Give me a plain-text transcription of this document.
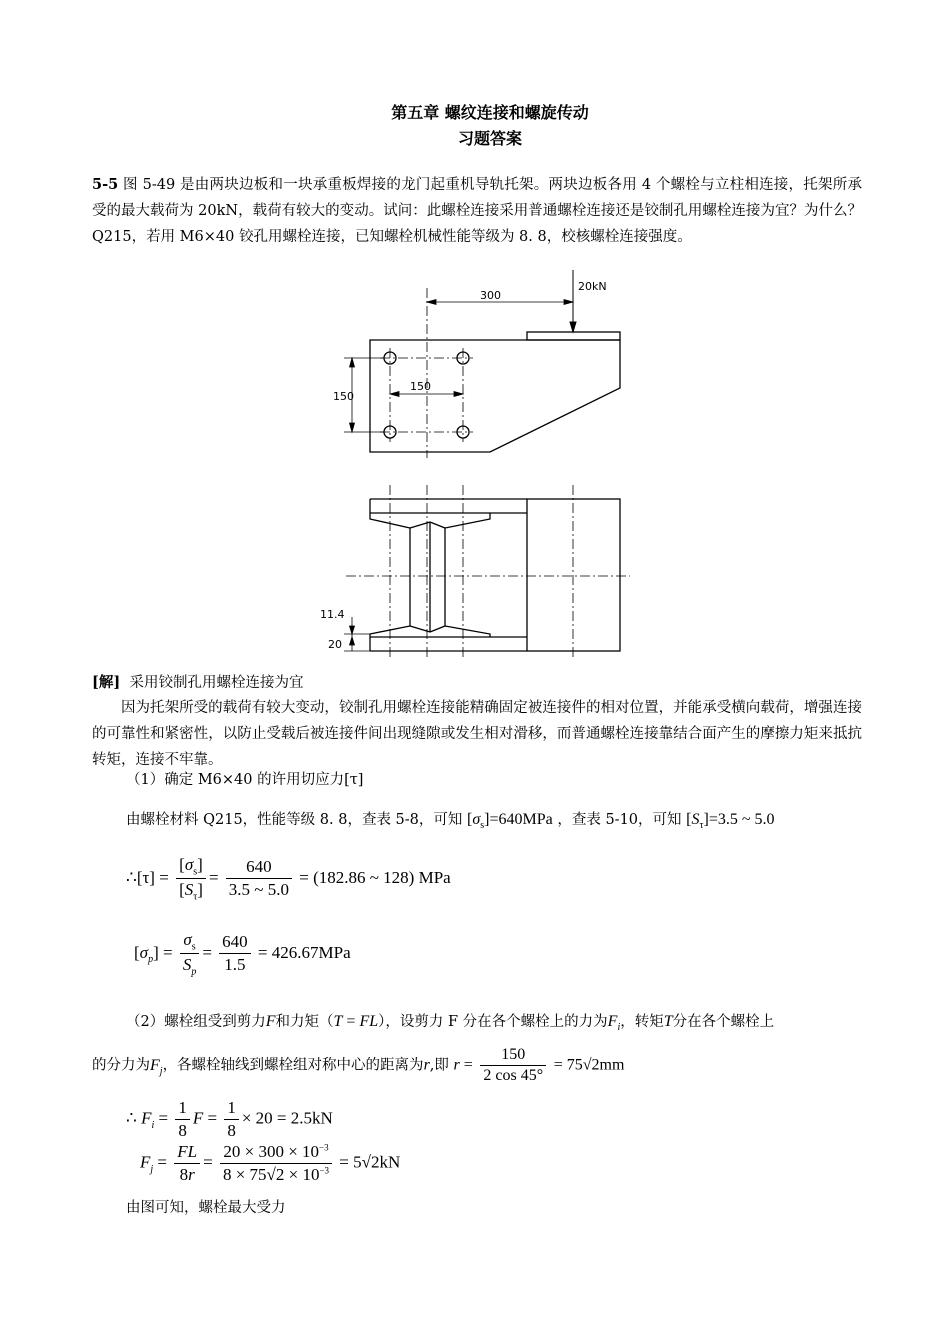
第五章 螺纹连接和螺旋传动
习题答案
5-5 图 5-49 是由两块边板和一块承重板焊接的龙门起重机导轨托架。两块边板各用 4 个螺栓与立柱相连接，托架所承受的最大载荷为 20kN，载荷有较大的变动。试问：此螺栓连接采用普通螺栓连接还是铰制孔用螺栓连接为宜？为什么？Q215，若用 M6×40 铰孔用螺栓连接，已知螺栓机械性能等级为 8. 8，校核螺栓连接强度。
20kN
300
150
150
11.4
20
[解] 采用铰制孔用螺栓连接为宜
因为托架所受的载荷有较大变动，铰制孔用螺栓连接能精确固定被连接件的相对位置，并能承受横向载荷，增强连接的可靠性和紧密性，以防止受载后被连接件间出现缝隙或发生相对滑移，而普通螺栓连接靠结合面产生的摩擦力矩来抵抗转矩，连接不牢靠。
（1）确定 M6×40 的许用切应力[τ]
由螺栓材料 Q215，性能等级 8. 8，查表 5-8，可知 $[\sigma_s]=640MPa$ ，查表 5-10，可知 $[S_\tau]=3.5$ ~ 5.0
∴[τ] = $\frac{[\sigma_s]}{[S_\tau]} = \frac{640}{3.5 \sim 5.0} = (182.86$ ~ 128) MPa
$[\sigma_p] = \frac{\sigma_s}{S_p} = \frac{640}{1.5} = 426.67MPa$
（2）螺栓组受到剪力F和力矩（T = FL），设剪力 F 分在各个螺栓上的力为$F_i$，转矩T分在各个螺栓上
的分力为$F_j$，各螺栓轴线到螺栓组对称中心的距离为r,即 $r = \frac{150}{2 \cos 45^\circ} = 75√2mm$
∴ $F_i = \frac{1}{8}$ $F = \frac{1}{8} \times 20 = 2.5kN$
$F_j = \frac{FL}{8r} = \frac{20 \times 300 \times 10^{-3}}{8 \times 75√2 \times 10^{-3}} = 5√2kN$
由图可知，螺栓最大受力
